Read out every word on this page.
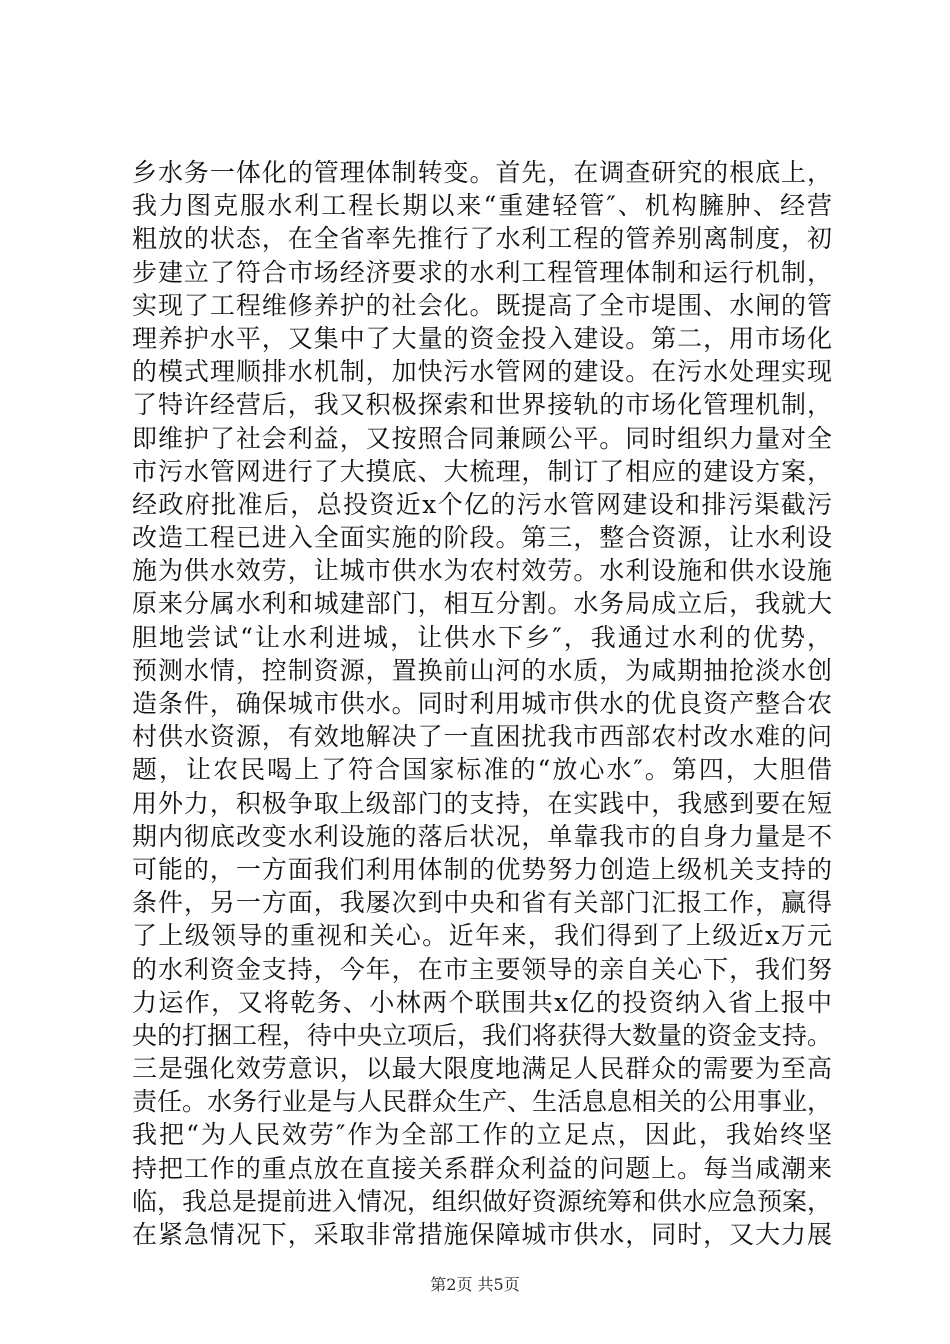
乡水务一体化的管理体制转变。首先，在调查研究的根底上，
我力图克服水利工程长期以来“重建轻管″、机构臃肿、经营
粗放的状态，在全省率先推行了水利工程的管养别离制度，初
步建立了符合市场经济要求的水利工程管理体制和运行机制，
实现了工程维修养护的社会化。既提高了全市堤围、水闸的管
理养护水平，又集中了大量的资金投入建设。第二，用市场化
的模式理顺排水机制，加快污水管网的建设。在污水处理实现
了特许经营后，我又积极探索和世界接轨的市场化管理机制，
即维护了社会利益，又按照合同兼顾公平。同时组织力量对全
市污水管网进行了大摸底、大梳理，制订了相应的建设方案，
经政府批准后，总投资近x个亿的污水管网建设和排污渠截污
改造工程已进入全面实施的阶段。第三，整合资源，让水利设
施为供水效劳，让城市供水为农村效劳。水利设施和供水设施
原来分属水利和城建部门，相互分割。水务局成立后，我就大
胆地尝试“让水利进城，让供水下乡″，我通过水利的优势，
预测水情，控制资源，置换前山河的水质，为咸期抽抢淡水创
造条件，确保城市供水。同时利用城市供水的优良资产整合农
村供水资源，有效地解决了一直困扰我市西部农村改水难的问
题，让农民喝上了符合国家标准的“放心水″。第四，大胆借
用外力，积极争取上级部门的支持，在实践中，我感到要在短
期内彻底改变水利设施的落后状况，单靠我市的自身力量是不
可能的，一方面我们利用体制的优势努力创造上级机关支持的
条件，另一方面，我屡次到中央和省有关部门汇报工作，赢得
了上级领导的重视和关心。近年来，我们得到了上级近x万元
的水利资金支持，今年，在市主要领导的亲自关心下，我们努
力运作，又将乾务、小林两个联围共x亿的投资纳入省上报中
央的打捆工程，待中央立项后，我们将获得大数量的资金支持。
三是强化效劳意识，以最大限度地满足人民群众的需要为至高
责任。水务行业是与人民群众生产、生活息息相关的公用事业，
我把“为人民效劳″作为全部工作的立足点，因此，我始终坚
持把工作的重点放在直接关系群众利益的问题上。每当咸潮来
临，我总是提前进入情况，组织做好资源统筹和供水应急预案，
在紧急情况下，采取非常措施保障城市供水，同时，又大力展
第2页 共5页
